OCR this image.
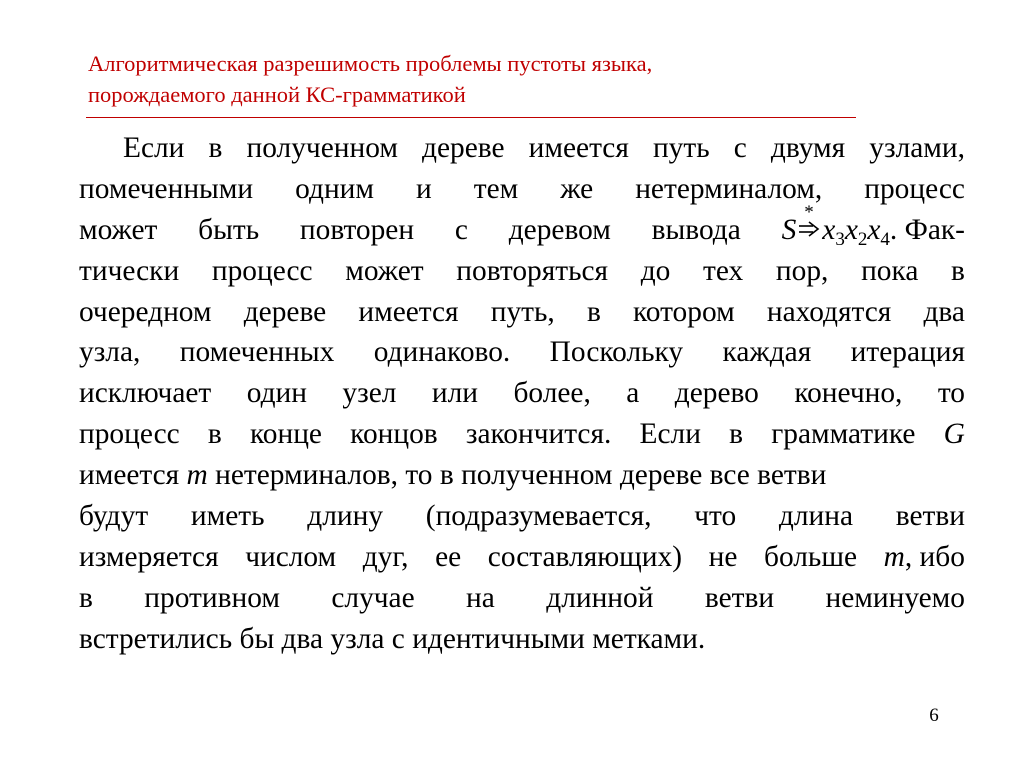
Алгоритмическая разрешимость проблемы пустоты языка,
порождаемого данной КС-грамматикой
Если в полученном дереве имеется путь с двумя узлами,
помеченными одним и тем же нетерминалом, процесс
может быть повторен с деревом вывода S
*
$x_3x_2x_4$. Фак-
тически процесс может повторяться до тех пор, пока в
очередном дереве имеется путь, в котором находятся два
узла, помеченных одинаково. Поскольку каждая итерация
исключает один узел или более, а дерево конечно, то
процесс в конце концов закончится. Если в грамматике G
имеется m нетерминалов, то в полученном дереве все ветви
будут иметь длину (подразумевается, что длина ветви
измеряется числом дуг, ее составляющих) не больше m, ибо
в противном случае на длинной ветви неминуемо
встретились бы два узла с идентичными метками.
6
